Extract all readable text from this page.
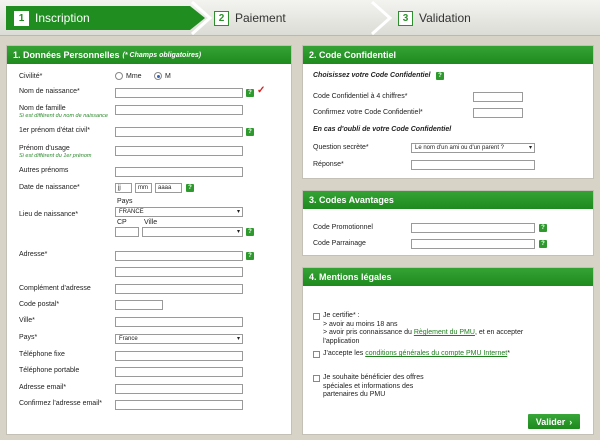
1 Inscription	2 Paiement	3 Validation
1. Données Personnelles (* Champs obligatoires)
Civilité*	Mme	M
Nom de naissance*	? ✓
Nom de famille
Si est différent du nom de naissance
1er prénom d'état civil*	?
Prénom d'usage
Si est différent du 1er prénom
Autres prénoms
Date de naissance*	jj	mm	aaaa	?
Pays
Lieu de naissance*	FRANCE	▾
CP Ville
▾	?
Adresse*	?
Complément d'adresse
Code postal*
Ville*
Pays*	France	▾
Téléphone fixe
Téléphone portable
Adresse email*
Confirmez l'adresse email*
2. Code Confidentiel
Choisissez votre Code Confidentiel	?
Code Confidentiel à 4 chiffres*
Confirmez votre Code Confidentiel*
En cas d'oubli de votre Code Confidentiel
Question secrète*	Le nom d'un ami ou d'un parent ?	▾
Réponse*
3. Codes Avantages
Code Promotionnel	?
Code Parrainage	?
4. Mentions légales
Je certifie* :
> avoir au moins 18 ans
> avoir pris connaissance du Règlement du PMU, et en accepter
l'application
J'accepte les conditions générales du compte PMU Internet*
Je souhaite bénéficier des offres
spéciales et informations des
partenaires du PMU
Valider ›
